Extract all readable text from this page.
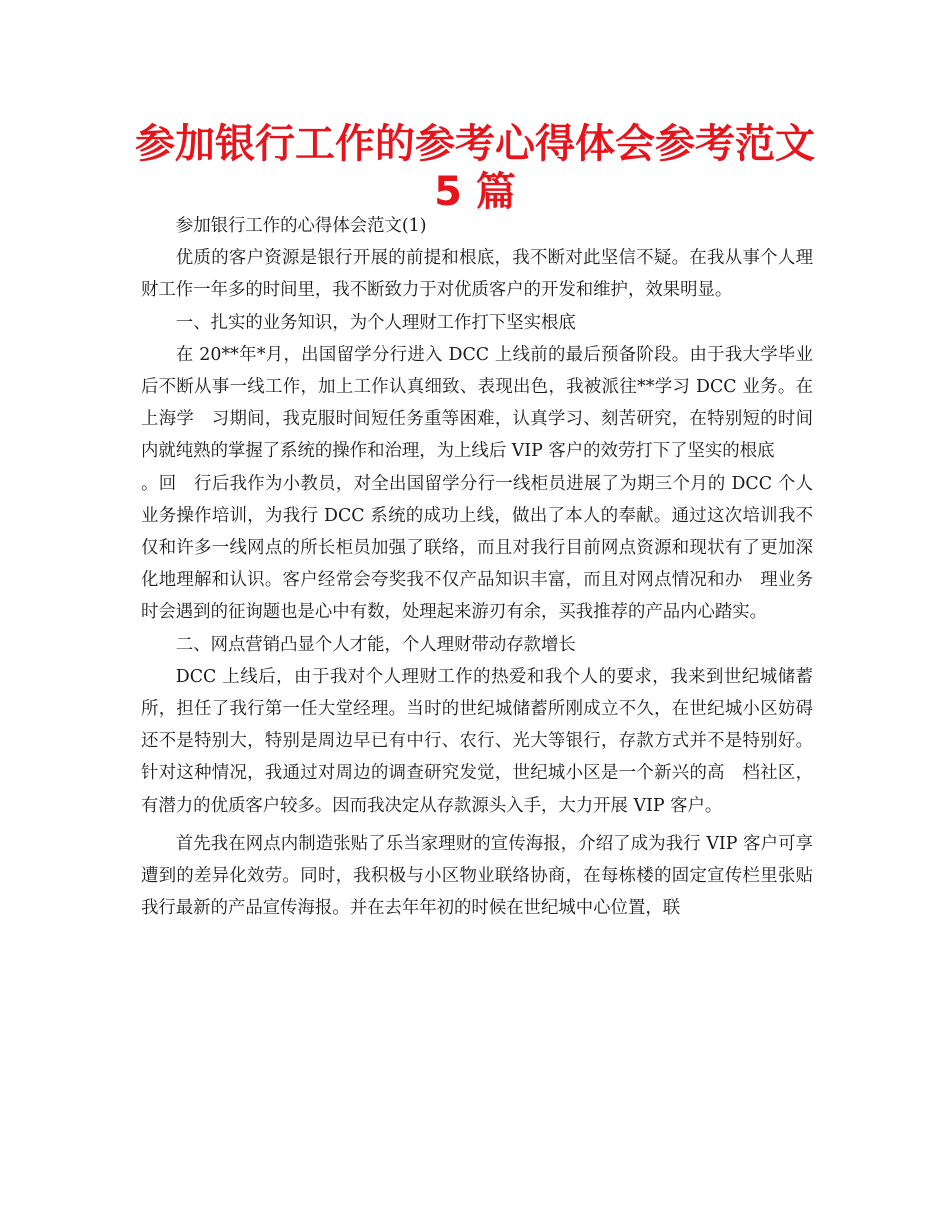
参加银行工作的参考心得体会参考范文 5 篇

参加银行工作的心得体会范文(1)

优质的客户资源是银行开展的前提和根底，我不断对此坚信不疑。在我从事个人理财工作一年多的时间里，我不断致力于对优质客户的开发和维护，效果明显。

一、扎实的业务知识，为个人理财工作打下坚实根底

在 20**年*月，出国留学分行进入 DCC 上线前的最后预备阶段。由于我大学毕业后不断从事一线工作，加上工作认真细致、表现出色，我被派往**学习 DCC 业务。在上海学　习期间，我克服时间短任务重等困难，认真学习、刻苦研究，在特别短的时间内就纯熟的掌握了系统的操作和治理，为上线后 VIP 客户的效劳打下了坚实的根底

。回　行后我作为小教员，对全出国留学分行一线柜员进展了为期三个月的 DCC 个人业务操作培训，为我行 DCC 系统的成功上线，做出了本人的奉献。通过这次培训我不　仅和许多一线网点的所长柜员加强了联络，而且对我行目前网点资源和现状有了更加深化地理解和认识。客户经常会夸奖我不仅产品知识丰富，而且对网点情况和办　理业务时会遇到的征询题也是心中有数，处理起来游刃有余，买我推荐的产品内心踏实。

二、网点营销凸显个人才能，个人理财带动存款增长

DCC 上线后，由于我对个人理财工作的热爱和我个人的要求，我来到世纪城储蓄所，担任了我行第一任大堂经理。当时的世纪城储蓄所刚成立不久，在世纪城小区妨碍还不是特别大，特别是周边早已有中行、农行、光大等银行，存款方式并不是特别好。针对这种情况，我通过对周边的调查研究发觉，世纪城小区是一个新兴的高　档社区，有潜力的优质客户较多。因而我决定从存款源头入手，大力开展 VIP 客户。

首先我在网点内制造张贴了乐当家理财的宣传海报，介绍了成为我行 VIP 客户可享遭到的差异化效劳。同时，我积极与小区物业联络协商，在每栋楼的固定宣传栏里张贴我行最新的产品宣传海报。并在去年年初的时候在世纪城中心位置，联
